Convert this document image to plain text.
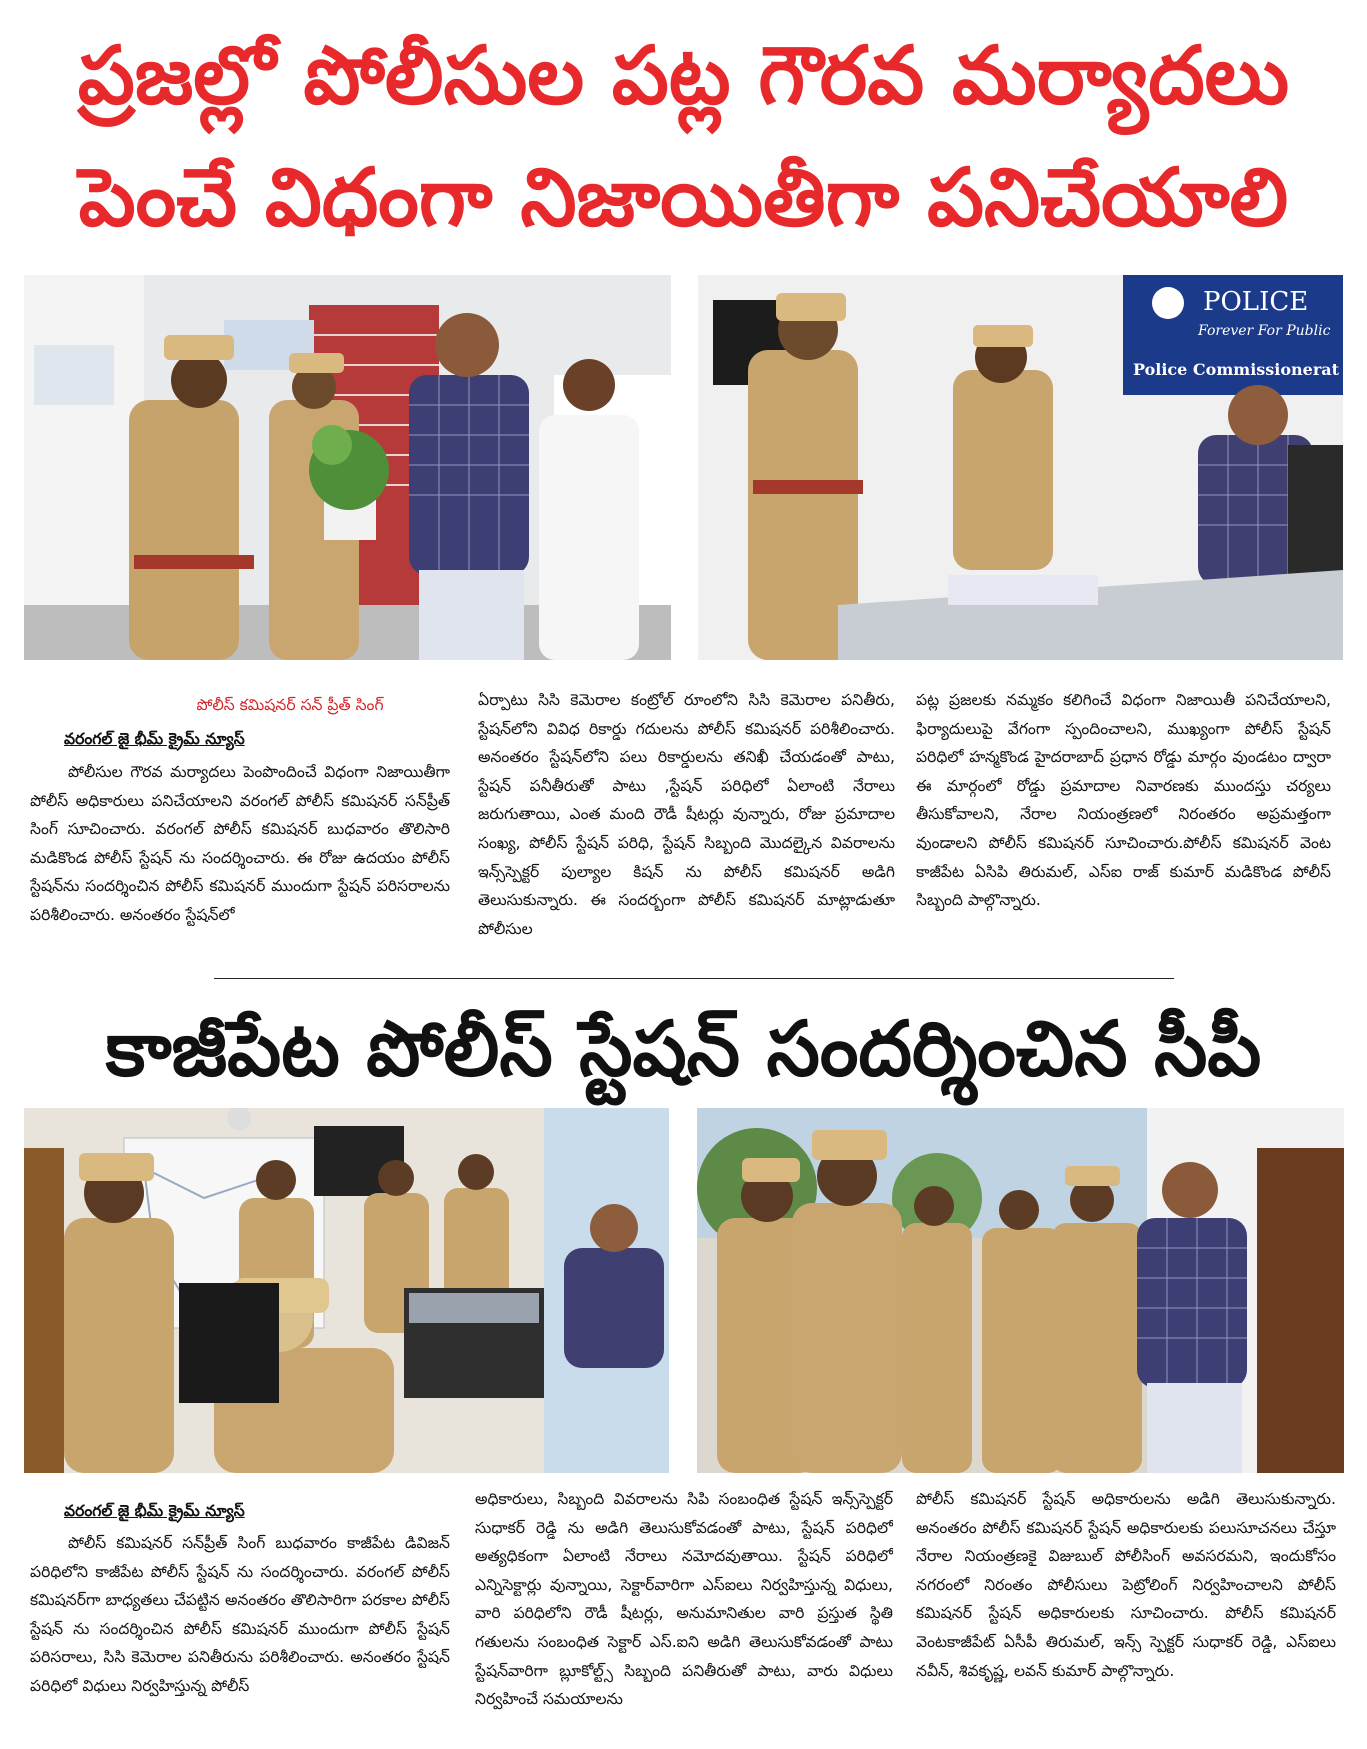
ప్రజల్లో పోలీసుల పట్ల గౌరవ మర్యాదలు
పెంచే విధంగా నిజాయితీగా పనిచేయాలి
POLICE
Forever For Public
Police Commissionerat
పోలీస్ కమిషనర్ సన్ ప్రీత్ సింగ్
వరంగల్ జై భీమ్ క్రైమ్ న్యూస్

పోలీసుల గౌరవ మర్యాదలు పెంపొందించే విధంగా నిజాయితీగా పోలీస్ అధికారులు పనిచేయాలని వరంగల్ పోలీస్ కమిషనర్ సన్‌ప్రీత్ సింగ్ సూచించారు. వరంగల్ పోలీస్ కమిషనర్ బుధవారం తొలిసారి మడికొండ పోలీస్ స్టేషన్ ను సందర్శించారు. ఈ రోజు ఉదయం పోలీస్ స్టేషన్‌ను సందర్శించిన పోలీస్ కమిషనర్ ముందుగా స్టేషన్ పరిసరాలను పరిశీలించారు. అనంతరం స్టేషన్‌లో

ఏర్పాటు సిసి కెమెరాల కంట్రోల్ రూంలోని సిసి కెమెరాల పనితీరు, స్టేషన్‌లోని వివిధ రికార్డు గదులను పోలీస్ కమిషనర్ పరిశీలించారు. అనంతరం స్టేషన్‌లోని పలు రికార్డులను తనిఖీ చేయడంతో పాటు, స్టేషన్ పనీతీరుతో పాటు ,స్టేషన్ పరిధిలో ఏలాంటి నేరాలు జరుగుతాయి, ఎంత మంది రౌడీ షీటర్లు వున్నారు, రోజు ప్రమాదాల సంఖ్య, పోలీస్ స్టేషన్ పరిధి, స్టేషన్ సిబ్బంది మొదల్కైన వివరాలను ఇన్స్‌స్పెక్టర్ పుల్యాల కిషన్ ను పోలీస్ కమిషనర్ అడిగి తెలుసుకున్నారు. ఈ సందర్బంగా పోలీస్ కమిషనర్ మాట్లాడుతూ పోలీసుల

పట్ల ప్రజలకు నమ్మకం కలిగించే విధంగా నిజాయితీ పనిచేయాలని, ఫిర్యాదులుపై వేగంగా స్పందించాలని, ముఖ్యంగా పోలీస్ స్టేషన్ పరిధిలో హన్మకొండ హైదరాబాద్ ప్రధాన రోడ్డు మార్గం వుండటం ద్వారా ఈ మార్గంలో రోడ్డు ప్రమాదాల నివారణకు ముందస్తు చర్యలు తీసుకోవాలని, నేరాల నియంత్రణలో నిరంతరం అప్రమత్తంగా వుండాలని పోలీస్ కమిషనర్ సూచించారు.పోలీస్ కమిషనర్ వెంట కాజీపేట ఏసిపి తిరుమల్, ఎస్ఐ రాజ్ కుమార్ మడికొండ పోలీస్ సిబ్బంది పాల్గొన్నారు.

కాజీపేట పోలీస్ స్టేషన్ సందర్శించిన సీపీ
వరంగల్ జై భీమ్ క్రైమ్ న్యూస్

పోలీస్ కమిషనర్ సన్‌ప్రీత్ సింగ్ బుధవారం కాజీపేట డివిజన్ పరిధిలోని కాజీపేట పోలీస్ స్టేషన్ ను సందర్శించారు. వరంగల్ పోలీస్ కమిషనర్‌గా బాధ్యతలు చేపట్టిన అనంతరం తొలిసారిగా పరకాల పోలీస్ స్టేషన్ ను సందర్శించిన పోలీస్ కమిషనర్ ముందుగా పోలీస్ స్టేషన్ పరిసరాలు, సిసి కెమెరాల పనితీరును పరిశీలించారు. అనంతరం స్టేషన్ పరిధిలో విధులు నిర్వహిస్తున్న పోలీస్

అధికారులు, సిబ్బంది వివరాలను సిపి సంబంధిత స్టేషన్ ఇన్స్‌స్పెక్టర్ సుధాకర్ రెడ్డి ను అడిగి తెలుసుకోవడంతో పాటు, స్టేషన్ పరిధిలో అత్యధికంగా ఏలాంటి నేరాలు నమోదవుతాయి. స్టేషన్ పరిధిలో ఎన్నిసెక్టార్లు వున్నాయి, సెక్టార్‌వారిగా ఎస్ఐలు నిర్వహిస్తున్న విధులు, వారి పరిధిలోని రౌడీ షీటర్లు, అనుమానితుల వారి ప్రస్తుత స్థితి గతులను సంబంధిత సెక్టార్ ఎస్.ఐని అడిగి తెలుసుకోవడంతో పాటు స్టేషన్‌వారిగా బ్లూకోల్ట్స్ సిబ్బంది పనితీరుతో పాటు, వారు విధులు నిర్వహించే సమయాలను

పోలీస్ కమిషనర్ స్టేషన్ అధికారులను అడిగి తెలుసుకున్నారు. అనంతరం పోలీస్ కమిషనర్ స్టేషన్ అధికారులకు పలుసూచనలు చేస్తూ నేరాల నియంత్రణకై విజుబుల్ పోలీసింగ్ అవసరమని, ఇందుకోసం నగరంలో నిరంతం పోలీసులు పెట్రోలింగ్ నిర్వహించాలని పోలీస్ కమిషనర్ స్టేషన్ అధికారులకు సూచించారు. పోలీస్ కమిషనర్ వెంటకాజీపేట్ ఏసీపీ తిరుమల్, ఇన్స్ స్పెక్టర్ సుధాకర్ రెడ్డి, ఎస్ఐలు నవీన్, శివకృష్ణ, లవన్ కుమార్ పాల్గొన్నారు.
